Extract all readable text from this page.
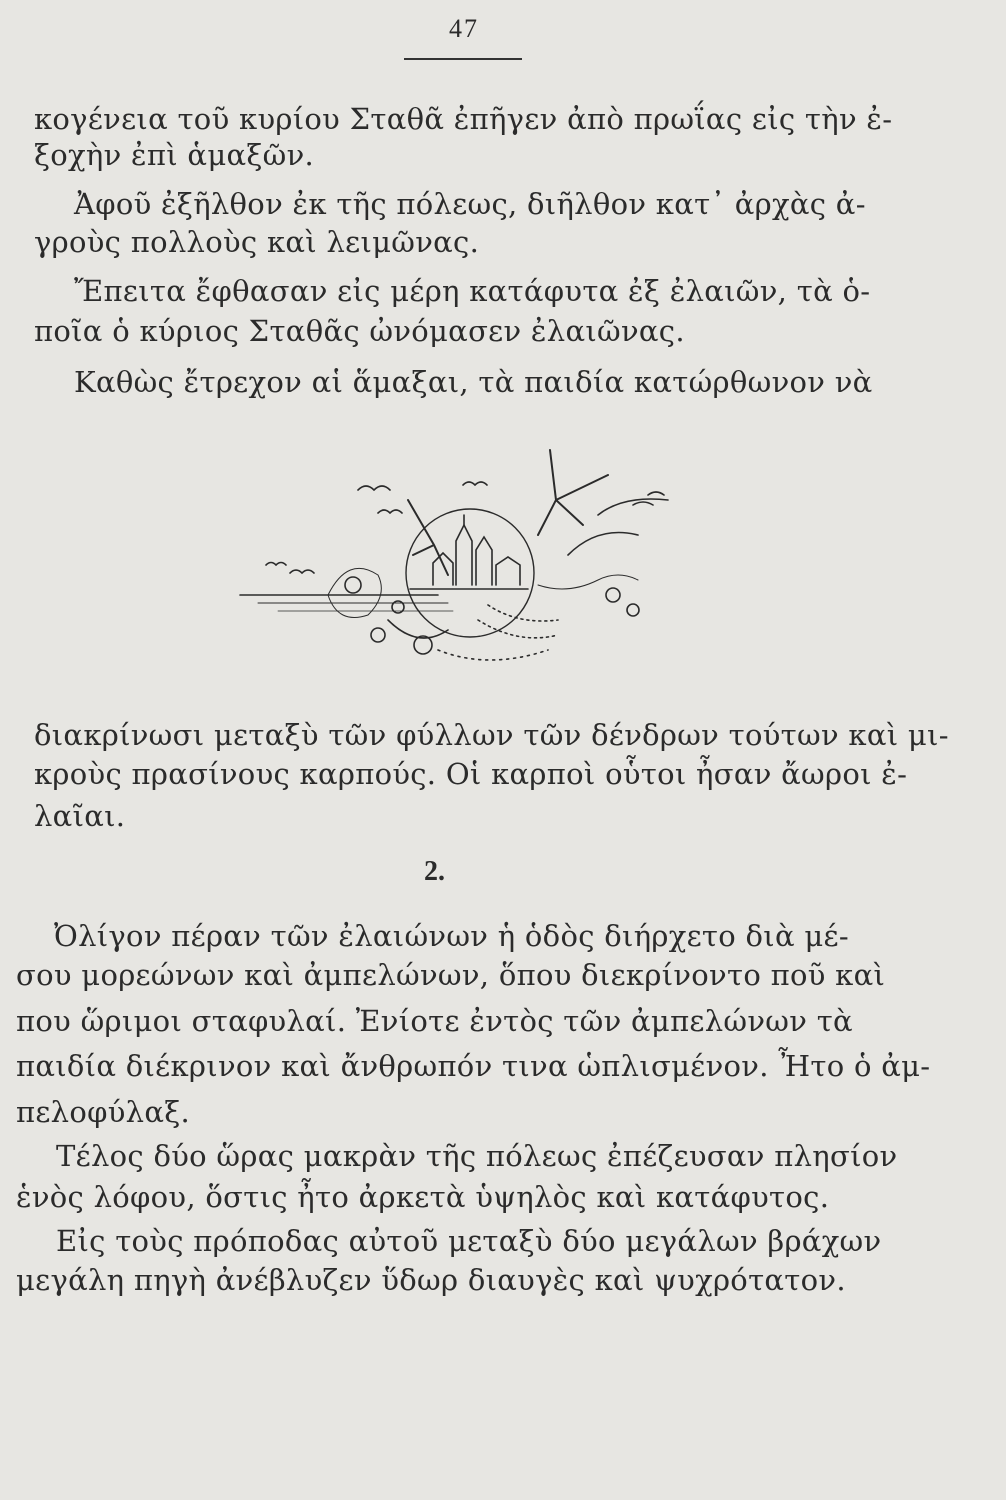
47
κογένεια τοῦ κυρίου Σταθᾶ ἐπῆγεν ἀπὸ πρωΐας εἰς τὴν ἐ-
ξοχὴν ἐπὶ ἁμαξῶν.
Ἀφοῦ ἐξῆλθον ἐκ τῆς πόλεως, διῆλθον κατ᾽ ἀρχὰς ἀ-
γροὺς πολλοὺς καὶ λειμῶνας.
Ἔπειτα ἔφθασαν εἰς μέρη κατάφυτα ἐξ ἐλαιῶν, τὰ ὁ-
ποῖα ὁ κύριος Σταθᾶς ὠνόμασεν ἐλαιῶνας.
Καθὼς ἔτρεχον αἱ ἅμαξαι, τὰ παιδία κατώρθωνον νὰ
διακρίνωσι μεταξὺ τῶν φύλλων τῶν δένδρων τούτων καὶ μι-
κροὺς πρασίνους καρπούς. Οἱ καρποὶ οὗτοι ἦσαν ἄωροι ἐ-
λαῖαι.
2.
Ὀλίγον πέραν τῶν ἐλαιώνων ἡ ὁδὸς διήρχετο διὰ μέ-
σου μορεώνων καὶ ἀμπελώνων, ὅπου διεκρίνοντο ποῦ καὶ
που ὥριμοι σταφυλαί. Ἐνίοτε ἐντὸς τῶν ἀμπελώνων τὰ
παιδία διέκρινον καὶ ἄνθρωπόν τινα ὡπλισμένον. Ἦτο ὁ ἀμ-
πελοφύλαξ.
Τέλος δύο ὥρας μακρὰν τῆς πόλεως ἐπέζευσαν πλησίον
ἑνὸς λόφου, ὅστις ἦτο ἀρκετὰ ὑψηλὸς καὶ κατάφυτος.
Εἰς τοὺς πρόποδας αὐτοῦ μεταξὺ δύο μεγάλων βράχων
μεγάλη πηγὴ ἀνέβλυζεν ὕδωρ διαυγὲς καὶ ψυχρότατον.
